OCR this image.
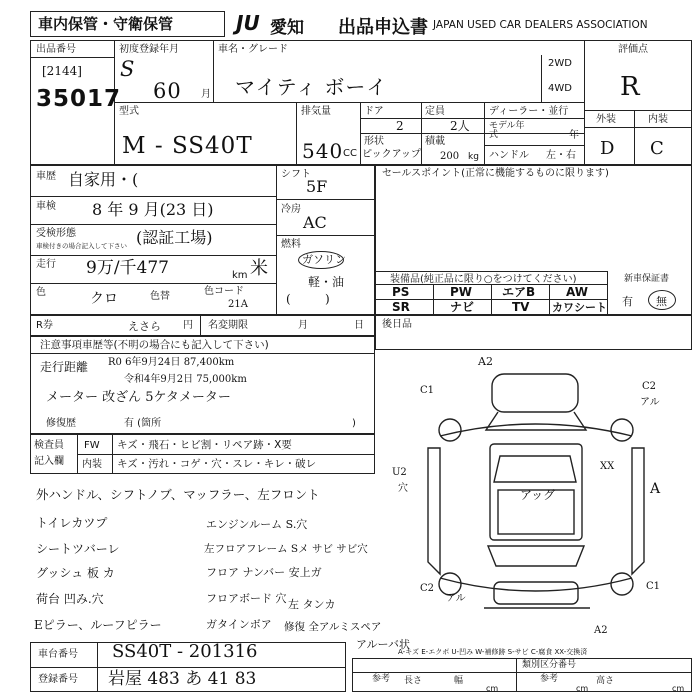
車内保管・守衛保管	JU 愛知 出品申込書 JAPAN USED CAR DEALERS ASSOCIATION
出品番号
[2144]
35017
初度登録年月
S
60 月
車名・グレード
マイティ ボーイ
2WD
4WD
評価点
R
外装	内装
D C
型式
M - SS40T
排気量
540 CC
ドア
2
定員
2人
形状
ピックアップ
積載
200 kg
ディーラー・並行
モデル年式	年
ハンドル 左・右
車歴 自家用・(
車検 8 年 9 月(23 日)
受検形態
車検付きの場合記入して下さい (認証工場)
走行 9万/千477	km 米
色	クロ	色替	色コード
21A
シフト
5F
冷房
AC
燃料
ガソリン
軽・油
(         )
セールスポイント(正常に機能するものに限ります)
装備品(純正品に限り○をつけてください)
PS	PW エアB	AW
SR	ナビ	TV カワシート
新車保証書
有 無
R券	えさら 円 名変期限	月	日 後日品
注意事項車歴等(不明の場合にも記入して下さい)
走行距離 R0 6年9月24日 87,400km
令和4年9月2日 75,000km
メーター 改ざん 5ケタメーター
修復歴	有 (箇所	)
検査員
記入欄
FW キズ・飛石・ヒビ割・リペア跡・X要
内装 キズ・汚れ・コゲ・穴・スレ・キレ・破レ
外ハンドル、シフトノブ、マッフラー、左フロント
トイレカツプ
シートツバーレ
グッシュ 板 カ
荷台 凹み.穴
Eピラー、ルーフピラー
エンジンルーム S.穴
左フロアフレーム Sメ サビ サビ穴
フロア ナンバー 安上ガ
フロアボード 穴
ガタインボア
左 タンカ
修復 全アルミスペア
A2
C1	C2
アル
U2
穴
XX
A
アッグ
C2
A2
C1
アル
アルーバ状
A-キズ E-エクボ U-凹み W-補修跡 S-サビ C-腐食 XX-交換済
車台番号 SS40T - 201316
登録番号 岩屋 483 あ 41 83
類別区分番号
参考	参考
長さ	幅	高さ
cm	cm	cm
